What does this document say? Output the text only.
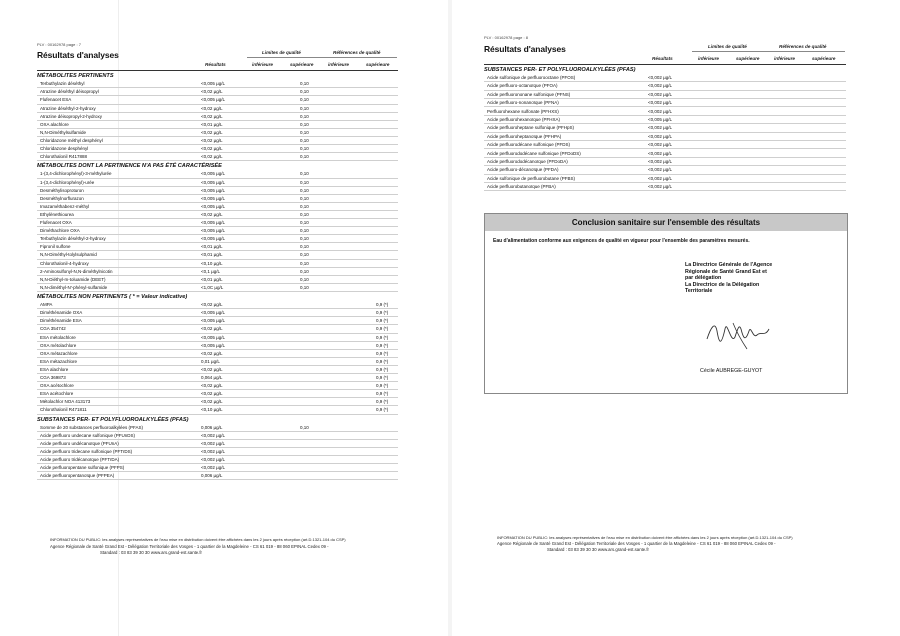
PLV : 00162978 page : 7
Résultats d'analyses	Limites de qualité	Références de qualité
Résultats	inférieure	supérieure	inférieure	supérieure
MÉTABOLITES PERTINENTS
Terbuthylazin déséthyl	<0,005 µg/L	0,10
Atrazine déséthyl déisopropyl	<0,02 µg/L	0,10
Flufenacet ESA	<0,005 µg/L	0,10
Atrazine déséthyl-2-hydroxy	<0,02 µg/L	0,10
Atrazine déisopropyl-2-hydroxy	<0,02 µg/L	0,10
OXA alachlore	<0,01 µg/L	0,10
N,N-Diméthylsulfamide	<0,02 µg/L	0,10
Chloridazone méthyl desphényl	<0,02 µg/L	0,10
Chloridazone desphényl	<0,02 µg/L	0,10
Chlorothalonil R417888	<0,02 µg/L	0,10
MÉTABOLITES DONT LA PERTINENCE N'A PAS ÉTÉ CARACTÉRISÉE
1-(3,4-dichlorophényl)-3-méthylurée	<0,005 µg/L	0,10
1-(3,4-dichlorophényl)-urée	<0,005 µg/L	0,10
Desméthylisoproturon	<0,005 µg/L	0,10
Desméthylnorflurazon	<0,005 µg/L	0,10
Imazaméthabenz-méthyl	<0,005 µg/L	0,10
Ethylènethiourea	<0,02 µg/L	0,10
Flufenacet OXA	<0,005 µg/L	0,10
Diméthachlore OXA	<0,005 µg/L	0,10
Terbuthylazin déséthyl-2-hydroxy	<0,005 µg/L	0,10
Fipronil sulfone	<0,01 µg/L	0,10
N,N-Diméthyl-tolylsulphamid	<0,01 µg/L	0,10
Chlorothalonil-4-hydroxy	<0,10 µg/L	0,10
2-Aminosulfonyl-N,N-diméthylnicotin	<0,1 µg/L	0,10
N,N-Diéthyl-m-toluamide (DEET)	<0,01 µg/L	0,10
N,N-diméthyl-N'-phényl-sulfamide	<1,0C µg/L	0,10
MÉTABOLITES NON PERTINENTS ( * = Valeur indicative)
AMPA	<0,02 µg/L	0,9 (*)
Diméthénamide OXA	<0,005 µg/L	0,9 (*)
Diméthénamide ESA	<0,005 µg/L	0,9 (*)
CGA 354742	<0,02 µg/L	0,9 (*)
ESA métolachlore	<0,005 µg/L	0,9 (*)
OXA métolachlore	<0,005 µg/L	0,9 (*)
OXA métazachlore	<0,02 µg/L	0,9 (*)
ESA métazachlore	0,01 µg/L	0,9 (*)
ESA alachlore	<0,02 µg/L	0,9 (*)
CGA 369873	0,064 µg/L	0,9 (*)
OXA acétochlore	<0,02 µg/L	0,9 (*)
ESA acétochlore	<0,02 µg/L	0,9 (*)
Métolachlor NOA 413173	<0,02 µg/L	0,9 (*)
Chlorothalonil R471811	<0,10 µg/L	0,9 (*)
SUBSTANCES PER- ET POLYFLUOROALKYLÉES (PFAS)
Somme de 20 substances perfluoroalkylées (PFAS)	0,006 µg/L	0,10
Acide perfluoro undecane sulfonique (PFUnDS)	<0,002 µg/L
Acide perfluoro undécanoïque (PFUnA)	<0,002 µg/L
Acide perfluoro tridecane sulfonique (PFTrDS)	<0,002 µg/L
Acide perfluoro tridécanoïque (PFTrDA)	<0,002 µg/L
Acide perfluoropentane sulfonique (PFPS)	<0,002 µg/L
Acide perfluoropentanoïque (PFPEA)	0,006 µg/L
INFORMATION DU PUBLIC: les analyses représentatives de l'eau mise en distribution doivent être affichées dans les 2 jours après réception (art.D.1321-104 du CSP)
Agence Régionale de Santé Grand Est - Délégation Territoriale des Vosges - 1 quartier de la Magdeleine - CS 61 019 - 88 060 EPINAL Cedex 09 -
Standard : 03 83 39 30 30 www.ars.grand-est.sante.fr
PLV : 00162978 page : 8
Résultats d'analyses	Limites de qualité	Références de qualité
Résultats	inférieure	supérieure	inférieure	supérieure
SUBSTANCES PER- ET POLYFLUOROALKYLÉES (PFAS)
Acide sulfonique de perfluorooctane (PFOS)	<0,002 µg/L
Acide perfluoro-octanoïque (PFOA)	<0,002 µg/L
Acide perfluorononane sulfonique (PFNS)	<0,002 µg/L
Acide perfluoro-nonanoïque (PFNA)	<0,002 µg/L
Perfluorohexane sulfonate (PFHXS)	<0,002 µg/L
Acide perfluorohexanoïque (PFHXA)	<0,005 µg/L
Acide perfluoroheptane sulfonique (PFHpS)	<0,002 µg/L
Acide perfluoroheptanoïque (PFHPA)	<0,002 µg/L
Acide perfluorodécane sulfonique (PFDS)	<0,002 µg/L
Acide perfluorododécane sulfonique (PFDoDS)	<0,002 µg/L
Acide perfluorododécanoïque (PFDoDA)	<0,002 µg/L
Acide perfluoro-décanoïque (PFDA)	<0,002 µg/L
Acide sulfonique de perfluorobutane (PFBS)	<0,002 µg/L
Acide perfluorobutanoïque (PFBA)	<0,002 µg/L
INFORMATION DU PUBLIC: les analyses représentatives de l'eau mise en distribution doivent être affichées dans les 2 jours après réception (art.D.1321-104 du CSP)
Agence Régionale de Santé Grand Est - Délégation Territoriale des Vosges - 1 quartier de la Magdeleine - CS 61 019 - 88 060 EPINAL Cedex 09 -
Standard : 03 83 39 30 30 www.ars.grand-est.sante.fr
Conclusion sanitaire sur l'ensemble des résultats
Eau d'alimentation conforme aux exigences de qualité en vigueur pour l'ensemble des paramètres mesurés.
La Directrice Générale de l'Agence
Régionale de Santé Grand Est et
par délégation
La Directrice de la Délégation
Territoriale
Cécile AUBREGE-GUYOT
